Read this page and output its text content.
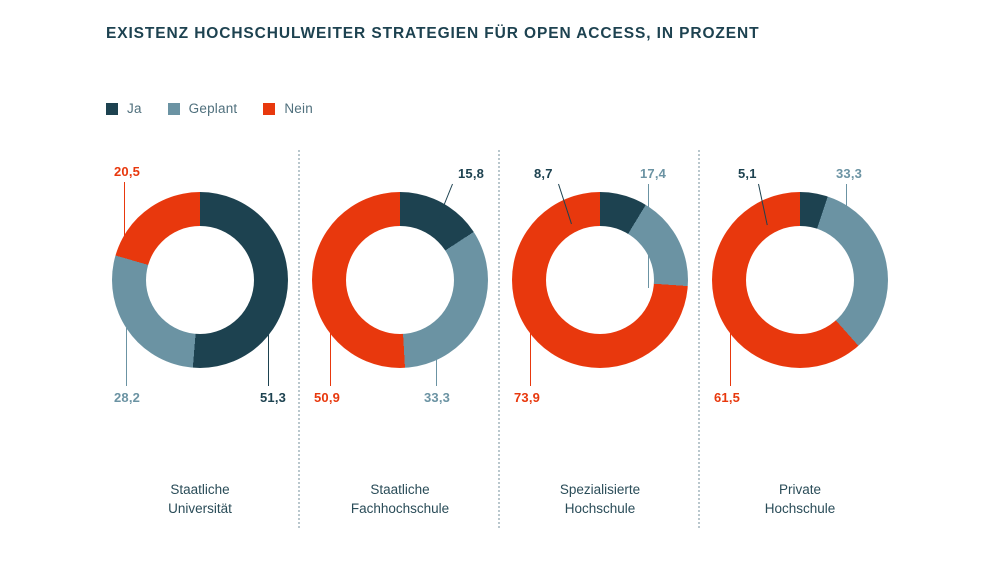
EXISTENZ HOCHSCHULWEITER STRATEGIEN FÜR OPEN ACCESS, IN PROZENT
Ja	Geplant	Nein
20,5
51,3
28,2
Staatliche
Universität
15,8
33,3
50,9
Staatliche
Fachhochschule
8,7	17,4
73,9
Spezialisierte
Hochschule
5,1	33,3
61,5
Private
Hochschule
